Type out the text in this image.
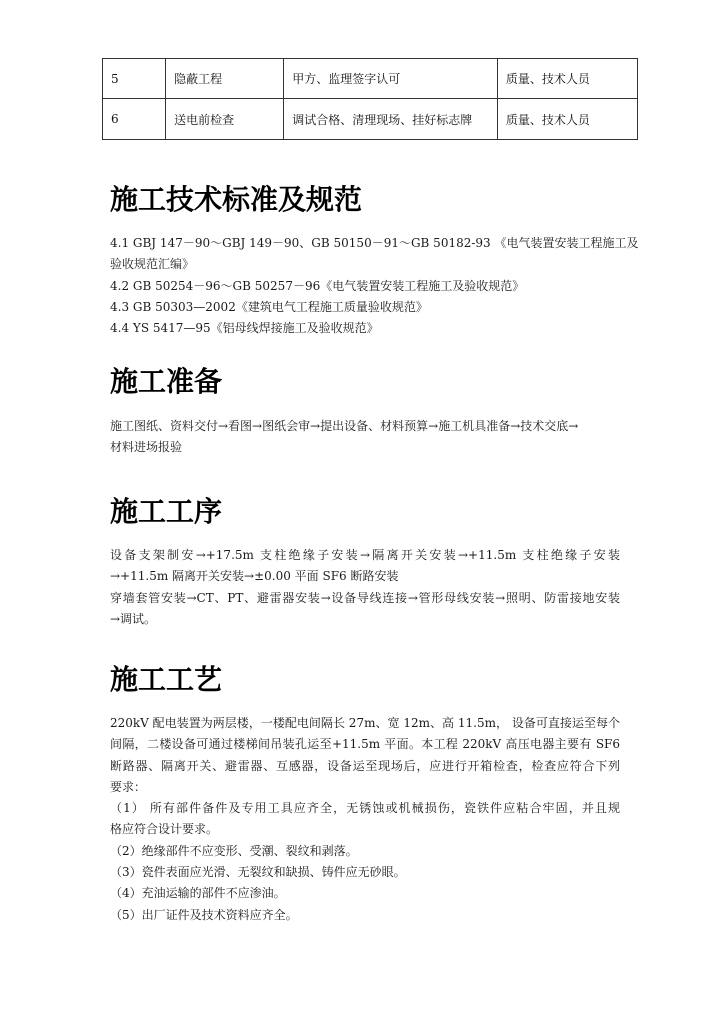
5	隐蔽工程	甲方、监理签字认可	质量、技术人员
6	送电前检查	调试合格、清理现场、挂好标志牌	质量、技术人员
施工技术标准及规范
4.1 GBJ 147－90～GBJ 149－90、GB 50150－91～GB 50182-93 《电气装置安装工程施工及
验收规范汇编》
4.2 GB 50254－96～GB 50257－96《电气装置安装工程施工及验收规范》
4.3 GB 50303—2002《建筑电气工程施工质量验收规范》
4.4 YS 5417—95《铝母线焊接施工及验收规范》
施工准备
施工图纸、资料交付→看图→图纸会审→提出设备、材料预算→施工机具准备→技术交底→
材料进场报验
施工工序
设备支架制安→+17.5m 支柱绝缘子安装→隔离开关安装→+11.5m 支柱绝缘子安装
→+11.5m 隔离开关安装→±0.00 平面 SF6 断路安装
穿墙套管安装→CT、PT、避雷器安装→设备导线连接→管形母线安装→照明、防雷接地安装
→调试。
施工工艺
220kV 配电装置为两层楼，一楼配电间隔长 27m、宽 12m、高 11.5m， 设备可直接运至每个
间隔，二楼设备可通过楼梯间吊装孔运至+11.5m 平面。本工程 220kV 高压电器主要有 SF6
断路器、隔离开关、避雷器、互感器，设备运至现场后，应进行开箱检查，检查应符合下列
要求：
（1） 所有部件备件及专用工具应齐全，无锈蚀或机械损伤，瓷铁件应粘合牢固，并且规
格应符合设计要求。
（2）绝缘部件不应变形、受潮、裂纹和剥落。
（3）瓷件表面应光滑、无裂纹和缺损、铸件应无砂眼。
（4）充油运输的部件不应渗油。
（5）出厂证件及技术资料应齐全。
